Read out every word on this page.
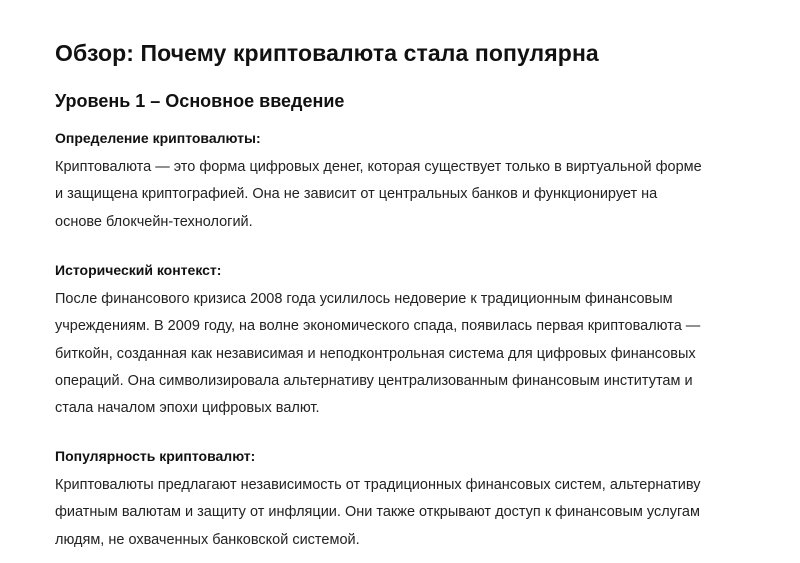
Обзор: Почему криптовалюта стала популярна
Уровень 1 – Основное введение

Определение криптовалюты:

Криптовалюта — это форма цифровых денег, которая существует только в виртуальной форме
и защищена криптографией. Она не зависит от центральных банков и функционирует на
основе блокчейн-технологий.

Исторический контекст:

После финансового кризиса 2008 года усилилось недоверие к традиционным финансовым
учреждениям. В 2009 году, на волне экономического спада, появилась первая криптовалюта —
биткойн, созданная как независимая и неподконтрольная система для цифровых финансовых
операций. Она символизировала альтернативу централизованным финансовым институтам и
стала началом эпохи цифровых валют.

Популярность криптовалют:

Криптовалюты предлагают независимость от традиционных финансовых систем, альтернативу
фиатным валютам и защиту от инфляции. Они также открывают доступ к финансовым услугам
людям, не охваченных банковской системой.
